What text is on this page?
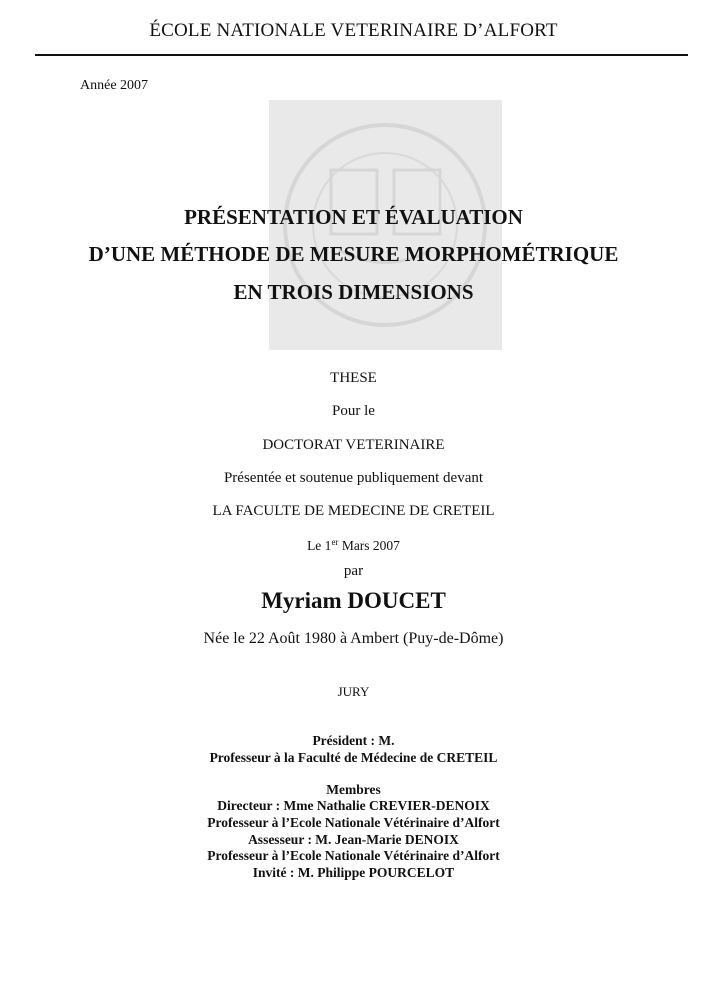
ÉCOLE NATIONALE VETERINAIRE D’ALFORT
Année 2007
PRÉSENTATION ET ÉVALUATION
D’UNE MÉTHODE DE MESURE MORPHOMÉTRIQUE
EN TROIS DIMENSIONS
THESE
Pour le
DOCTORAT VETERINAIRE
Présentée et soutenue publiquement devant
LA FACULTE DE MEDECINE DE CRETEIL
Le 1er Mars 2007
par
Myriam DOUCET
Née le 22 Août 1980 à Ambert (Puy-de-Dôme)
JURY
Président : M.
Professeur à la Faculté de Médecine de CRETEIL
Membres
Directeur : Mme Nathalie CREVIER-DENOIX
Professeur à l’Ecole Nationale Vétérinaire d’Alfort
Assesseur : M. Jean-Marie DENOIX
Professeur à l’Ecole Nationale Vétérinaire d’Alfort
Invité : M. Philippe POURCELOT
